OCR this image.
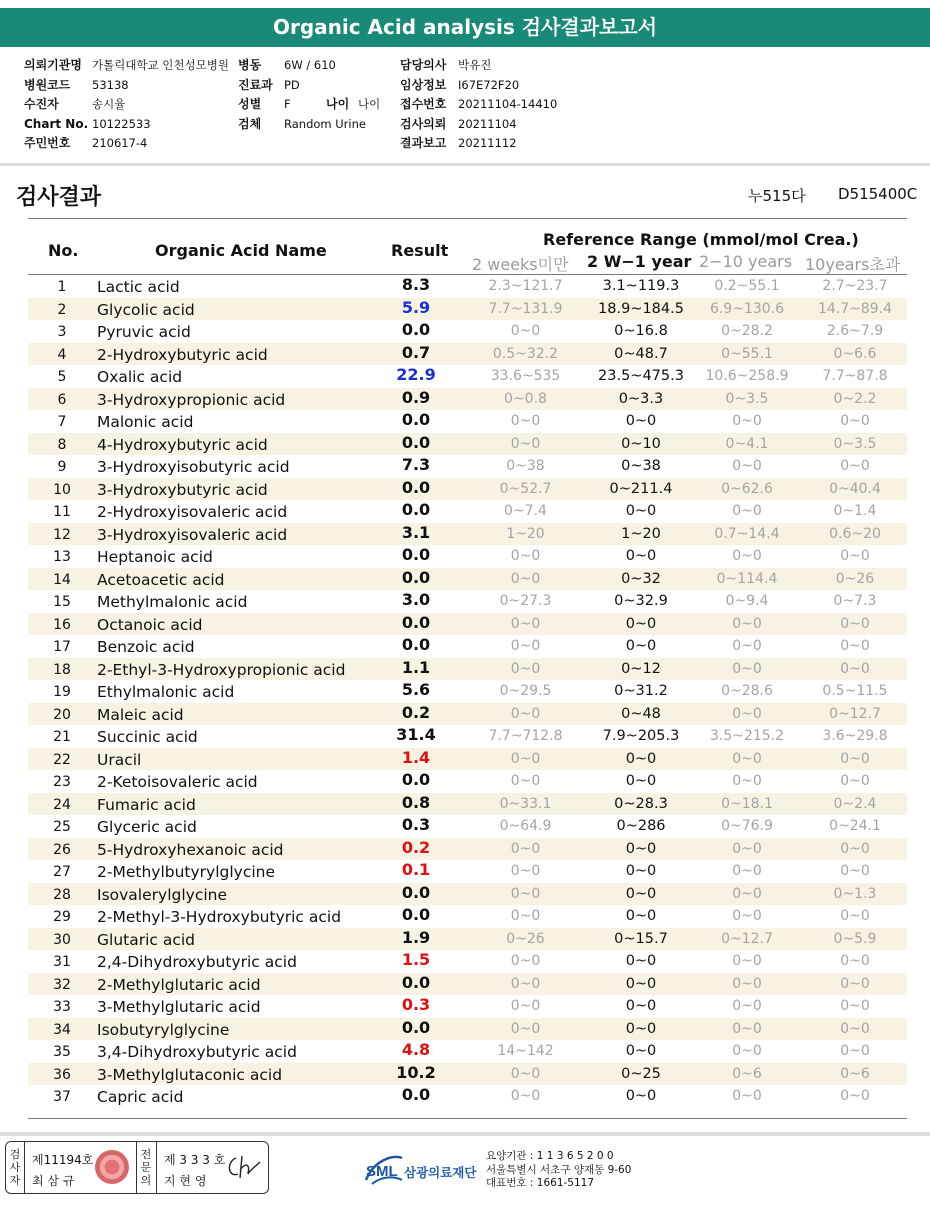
Organic Acid analysis 검사결과보고서
의뢰기관명 가톨릭대학교 인천성모병원
병원코드	53138
수진자	송시율
Chart No. 10122533
주민번호	210617-4
병동	6W / 610
진료과 PD
성별	F	나이 나이
검체	Random Urine
담당의사	박유진
임상정보	I67E72F20
접수번호	20211104-14410
검사의뢰	20211104
결과보고	20211112
검사결과	누515다 D515400C
No.	Organic Acid Name	Result
Reference Range (mmol/mol Crea.)
2 weeks미만 2 W−1 year 2−10 years 10years초과
1	Lactic acid	8.3	2.3~121.7	3.1~119.3	0.2~55.1	2.7~23.7
2	Glycolic acid	5.9	7.7~131.9	18.9~184.5	6.9~130.6	14.7~89.4
3	Pyruvic acid	0.0	0~0	0~16.8	0~28.2	2.6~7.9
4	2-Hydroxybutyric acid	0.7	0.5~32.2	0~48.7	0~55.1	0~6.6
5	Oxalic acid	22.9	33.6~535	23.5~475.3	10.6~258.9	7.7~87.8
6	3-Hydroxypropionic acid	0.9	0~0.8	0~3.3	0~3.5	0~2.2
7	Malonic acid	0.0	0~0	0~0	0~0	0~0
8	4-Hydroxybutyric acid	0.0	0~0	0~10	0~4.1	0~3.5
9	3-Hydroxyisobutyric acid	7.3	0~38	0~38	0~0	0~0
10	3-Hydroxybutyric acid	0.0	0~52.7	0~211.4	0~62.6	0~40.4
11	2-Hydroxyisovaleric acid	0.0	0~7.4	0~0	0~0	0~1.4
12	3-Hydroxyisovaleric acid	3.1	1~20	1~20	0.7~14.4	0.6~20
13	Heptanoic acid	0.0	0~0	0~0	0~0	0~0
14	Acetoacetic acid	0.0	0~0	0~32	0~114.4	0~26
15	Methylmalonic acid	3.0	0~27.3	0~32.9	0~9.4	0~7.3
16	Octanoic acid	0.0	0~0	0~0	0~0	0~0
17	Benzoic acid	0.0	0~0	0~0	0~0	0~0
18	2-Ethyl-3-Hydroxypropionic acid	1.1	0~0	0~12	0~0	0~0
19	Ethylmalonic acid	5.6	0~29.5	0~31.2	0~28.6	0.5~11.5
20	Maleic acid	0.2	0~0	0~48	0~0	0~12.7
21	Succinic acid	31.4	7.7~712.8	7.9~205.3	3.5~215.2	3.6~29.8
22	Uracil	1.4	0~0	0~0	0~0	0~0
23	2-Ketoisovaleric acid	0.0	0~0	0~0	0~0	0~0
24	Fumaric acid	0.8	0~33.1	0~28.3	0~18.1	0~2.4
25	Glyceric acid	0.3	0~64.9	0~286	0~76.9	0~24.1
26	5-Hydroxyhexanoic acid	0.2	0~0	0~0	0~0	0~0
27	2-Methylbutyrylglycine	0.1	0~0	0~0	0~0	0~0
28	Isovalerylglycine	0.0	0~0	0~0	0~0	0~1.3
29	2-Methyl-3-Hydroxybutyric acid	0.0	0~0	0~0	0~0	0~0
30	Glutaric acid	1.9	0~26	0~15.7	0~12.7	0~5.9
31	2,4-Dihydroxybutyric acid	1.5	0~0	0~0	0~0	0~0
32	2-Methylglutaric acid	0.0	0~0	0~0	0~0	0~0
33	3-Methylglutaric acid	0.3	0~0	0~0	0~0	0~0
34	Isobutyrylglycine	0.0	0~0	0~0	0~0	0~0
35	3,4-Dihydroxybutyric acid	4.8	14~142	0~0	0~0	0~0
36	3-Methylglutaconic acid	10.2	0~0	0~25	0~6	0~6
37	Capric acid	0.0	0~0	0~0	0~0	0~0
검사자
제11194호
최 삼 규
전문의
제 3 3 3 호
지 현 영
SML 삼광의료재단
요양기관 : 1 1 3 6 5 2 0 0
서울특별시 서초구 양재동 9-60
대표번호 : 1661-5117
